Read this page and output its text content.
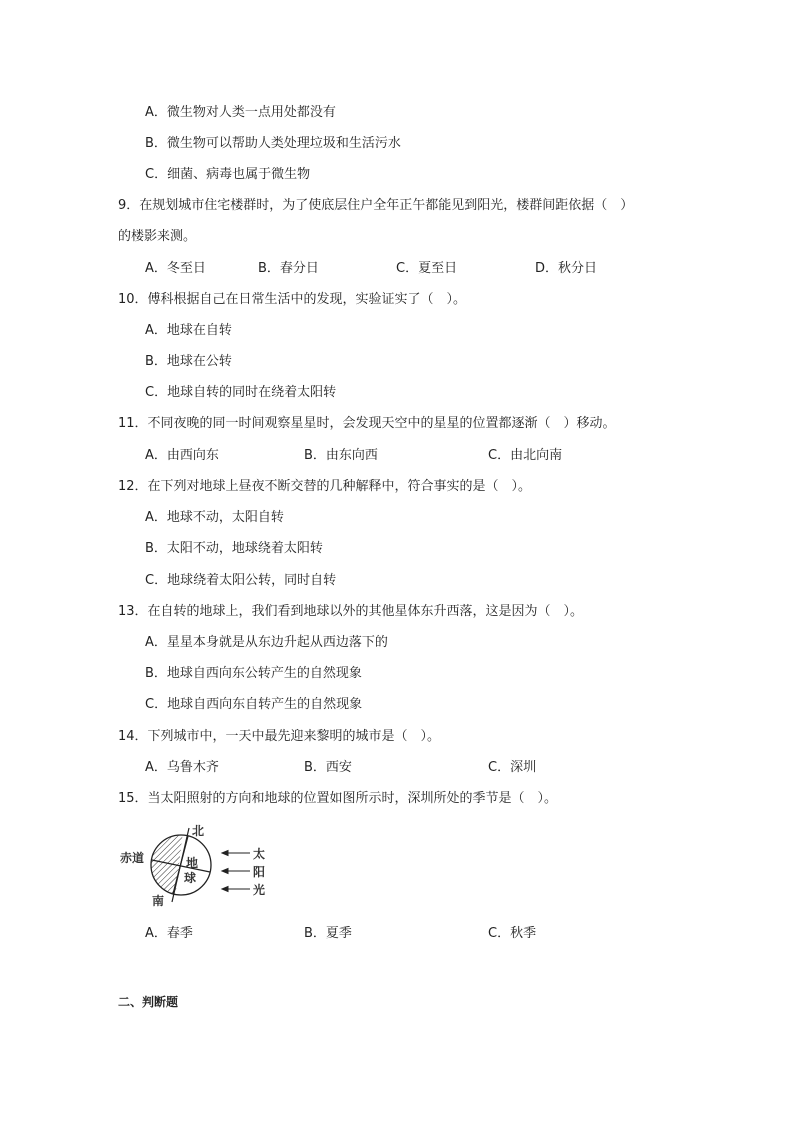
A．微生物对人类一点用处都没有
B．微生物可以帮助人类处理垃圾和生活污水
C．细菌、病毒也属于微生物
9．在规划城市住宅楼群时，为了使底层住户全年正午都能见到阳光，楼群间距依据（　）
的楼影来测。
A．冬至日	B．春分日	C．夏至日	D．秋分日
10．傅科根据自己在日常生活中的发现，实验证实了（　）。
A．地球在自转
B．地球在公转
C．地球自转的同时在绕着太阳转
11．不同夜晚的同一时间观察星星时，会发现天空中的星星的位置都逐渐（　）移动。
A．由西向东	B．由东向西	C．由北向南
12．在下列对地球上昼夜不断交替的几种解释中，符合事实的是（　）。
A．地球不动，太阳自转
B．太阳不动，地球绕着太阳转
C．地球绕着太阳公转，同时自转
13．在自转的地球上，我们看到地球以外的其他星体东升西落，这是因为（　）。
A．星星本身就是从东边升起从西边落下的
B．地球自西向东公转产生的自然现象
C．地球自西向东自转产生的自然现象
14．下列城市中，一天中最先迎来黎明的城市是（　）。
A．乌鲁木齐	B．西安	C．深圳
15．当太阳照射的方向和地球的位置如图所示时，深圳所处的季节是（　）。
北
南
赤道	地
球
太
阳
光
A．春季	B．夏季	C．秋季
二、判断题
